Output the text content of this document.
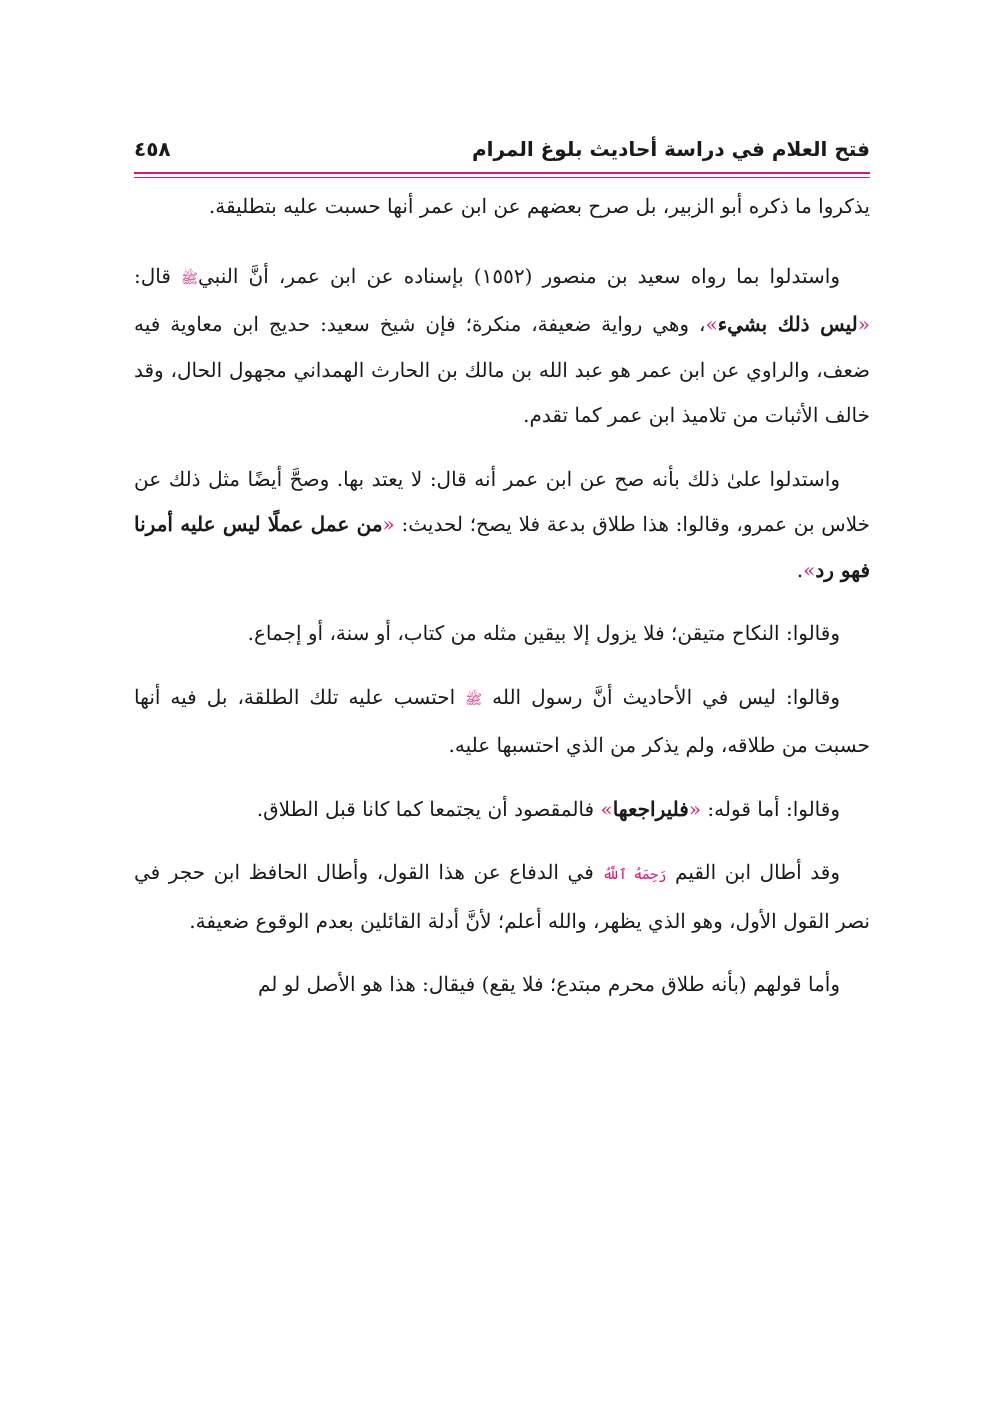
فتح العلام في دراسة أحاديث بلوغ المرام
٤٥٨

يذكروا ما ذكره أبو الزبير، بل صرح بعضهم عن ابن عمر أنها حسبت عليه بتطليقة.

واستدلوا بما رواه سعيد بن منصور (١٥٥٢) بإسناده عن ابن عمر، أنَّ النبيﷺ قال: «ليس ذلك بشيء»، وهي رواية ضعيفة، منكرة؛ فإن شيخ سعيد: حديج ابن معاوية فيه ضعف، والراوي عن ابن عمر هو عبد الله بن مالك بن الحارث الهمداني مجهول الحال، وقد خالف الأثبات من تلاميذ ابن عمر كما تقدم.

واستدلوا علىٰ ذلك بأنه صح عن ابن عمر أنه قال: لا يعتد بها. وصحَّ أيضًا مثل ذلك عن خلاس بن عمرو، وقالوا: هذا طلاق بدعة فلا يصح؛ لحديث: «من عمل عملًا ليس عليه أمرنا فهو رد».

وقالوا: النكاح متيقن؛ فلا يزول إلا بيقين مثله من كتاب، أو سنة، أو إجماع.

وقالوا: ليس في الأحاديث أنَّ رسول الله ﷺ احتسب عليه تلك الطلقة، بل فيه أنها حسبت من طلاقه، ولم يذكر من الذي احتسبها عليه.

وقالوا: أما قوله: «فليراجعها» فالمقصود أن يجتمعا كما كانا قبل الطلاق.

وقد أطال ابن القيم رَحِمَهُ ٱللَّهُ في الدفاع عن هذا القول، وأطال الحافظ ابن حجر في نصر القول الأول، وهو الذي يظهر، والله أعلم؛ لأنَّ أدلة القائلين بعدم الوقوع ضعيفة.

وأما قولهم (بأنه طلاق محرم مبتدع؛ فلا يقع) فيقال: هذا هو الأصل لو لم
